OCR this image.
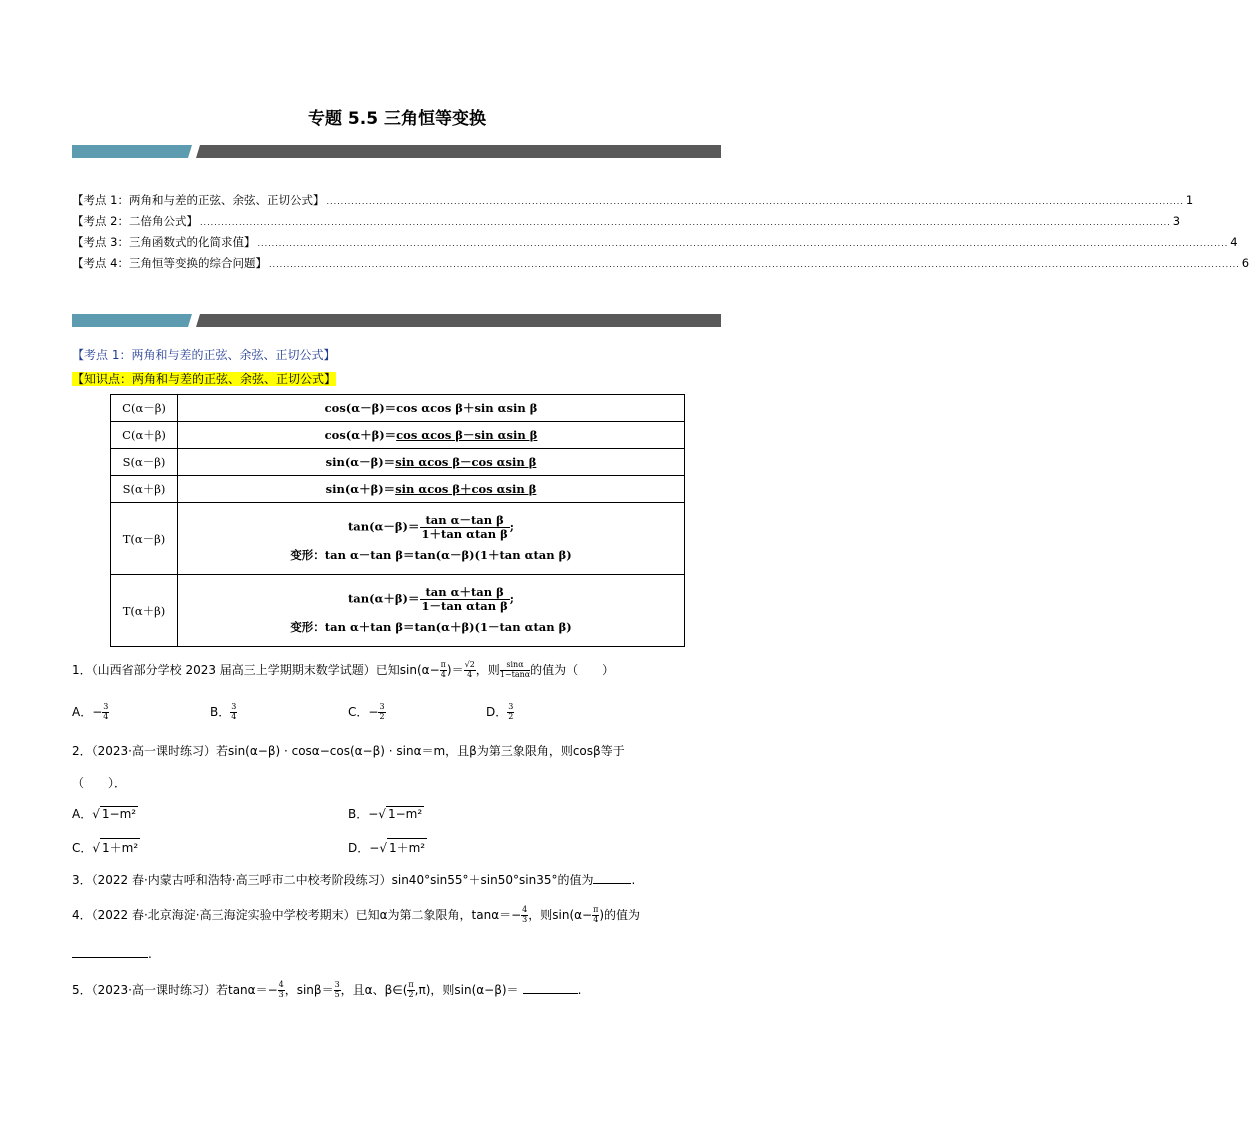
专题 5.5 三角恒等变换
【考点 1：两角和与差的正弦、余弦、正切公式】 .................................................................................................................................................................................................................................................. 1
【考点 2：二倍角公式】 .................................................................................................................................................................................................................................................................................. 3
【考点 3：三角函数式的化简求值】 .................................................................................................................................................................................................................................................................................. 4
【考点 4：三角恒等变换的综合问题】 .................................................................................................................................................................................................................................................................................. 6
【考点 1：两角和与差的正弦、余弦、正切公式】
【知识点：两角和与差的正弦、余弦、正切公式】
C(α－β)	cos(α－β)＝cos αcos β＋sin αsin β
C(α＋β)	cos(α＋β)＝cos αcos β－sin αsin β
S(α－β)	sin(α－β)＝sin αcos β－cos αsin β
S(α＋β)	sin(α＋β)＝sin αcos β＋cos αsin β
T(α－β)	$\tan(\alpha-\beta)= \frac{\text{tan α－tan β}}{\text{1＋tan αtan β}}$ ;
变形：tan α－tan β＝tan(α－β)(1＋tan αtan β)

T(α＋β)	$\tan(\alpha+\beta)= \frac{\text{tan α＋tan β}}{\text{1－tan αtan β}}$ ;
变形：tan α＋tan β＝tan(α＋β)(1－tan αtan β)
1．（山西省部分学校 2023 届高三上学期期末数学试题）已知$\sin(\alpha- \frac{\pi}{4}$ )＝ $\frac{√2}{4}$ ，则 $\frac{\sin\alpha}{1-\tan\alpha}$ 的值为（　　）
A．− $\frac{3}{4}$	B． $\frac{3}{4}$	C．− $\frac{3}{2}$	D． $\frac{3}{2}$
2．（2023·高一课时练习）若sin(α−β) · cosα−cos(α−β) · sinα＝m，且β为第三象限角，则cosβ等于
（　　）．
A．√ 1−m²	B．−√ 1−m²
C．√ 1＋m²	D．−√ 1＋m²
3．（2022 春·内蒙古呼和浩特·高三呼市二中校考阶段练习）sin40°sin55°＋sin50°sin35°的值为	.
4．（2022 春·北京海淀·高三海淀实验中学校考期末）已知α为第二象限角，$\tan\alpha=- \frac{4}{3}$ ，则$\sin(\alpha- \frac{\pi}{4}$ )的值为
.
5．（2023·高一课时练习）若$\tan\alpha=- \frac{4}{3}$ ，$\sin\beta= \frac{3}{5}$ ，且α、β∈( $\frac{\pi}{2} ,\pi$)，则sin(α−β)＝	.
